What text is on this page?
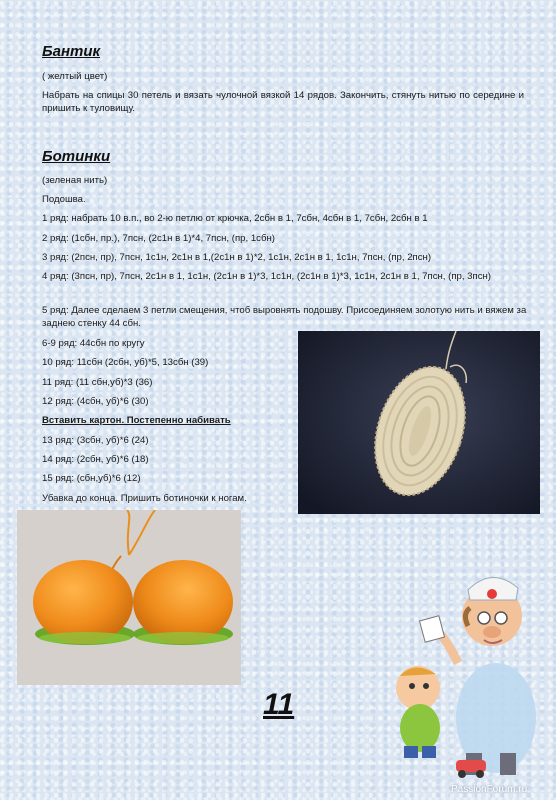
Бантик
( желтый цвет)
Набрать на спицы 30 петель и вязать чулочной вязкой 14 рядов. Закончить, стянуть нитью по середине и пришить к туловищу.
Ботинки
(зеленая нить)
Подошва.
1 ряд: набрать 10 в.п., во 2-ю петлю от крючка, 2сбн в 1, 7сбн, 4сбн в 1, 7сбн, 2сбн в 1
2 ряд: (1сбн, пр.), 7псн, (2с1н в 1)*4, 7псн, (пр, 1сбн)
3 ряд: (2псн, пр), 7псн, 1с1н, 2с1н в 1,(2с1н в 1)*2, 1с1н, 2с1н в 1, 1с1н, 7псн, (пр, 2псн)
4 ряд: (3псн, пр), 7псн, 2с1н в 1, 1с1н, (2с1н в 1)*3, 1с1н, (2с1н в 1)*3, 1с1н, 2с1н в 1, 7псн, (пр, 3псн)
5 ряд: Далее сделаем 3 петли смещения, чтоб выровнять подошву. Присоединяем золотую нить и вяжем за заднею стенку 44 сбн.
6-9 ряд: 44сбн по кругу
10 ряд: 11сбн (2сбн, уб)*5, 13сбн (39)
11 ряд: (11 сбн,уб)*3 (36)
12 ряд: (4сбн, уб)*6 (30)
Вставить картон. Постепенно набивать
13 ряд: (3сбн, уб)*6 (24)
14 ряд: (2сбн, уб)*6 (18)
15 ряд: (сбн,уб)*6 (12)
Убавка до конца. Пришить ботиночки к ногам.
11
PassionForum.ru
